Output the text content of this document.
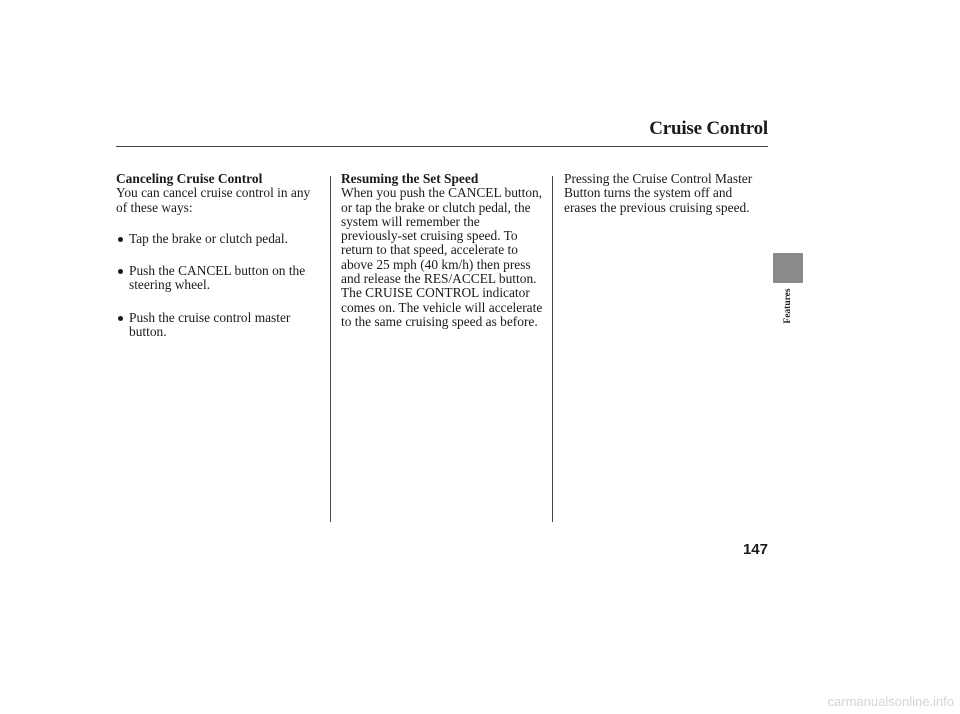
Cruise Control
Canceling Cruise Control

You can cancel cruise control in any
of these ways:

Tap the brake or clutch pedal.
Push the CANCEL button on the
steering wheel.
Push the cruise control master
button.
Resuming the Set Speed

When you push the CANCEL button,
or tap the brake or clutch pedal, the
system will remember the
previously-set cruising speed. To
return to that speed, accelerate to
above 25 mph (40 km/h) then press
and release the RES/ACCEL button.
The CRUISE CONTROL indicator
comes on. The vehicle will accelerate
to the same cruising speed as before.

Pressing the Cruise Control Master
Button turns the system off and
erases the previous cruising speed.

Features
147
carmanualsonline.info
